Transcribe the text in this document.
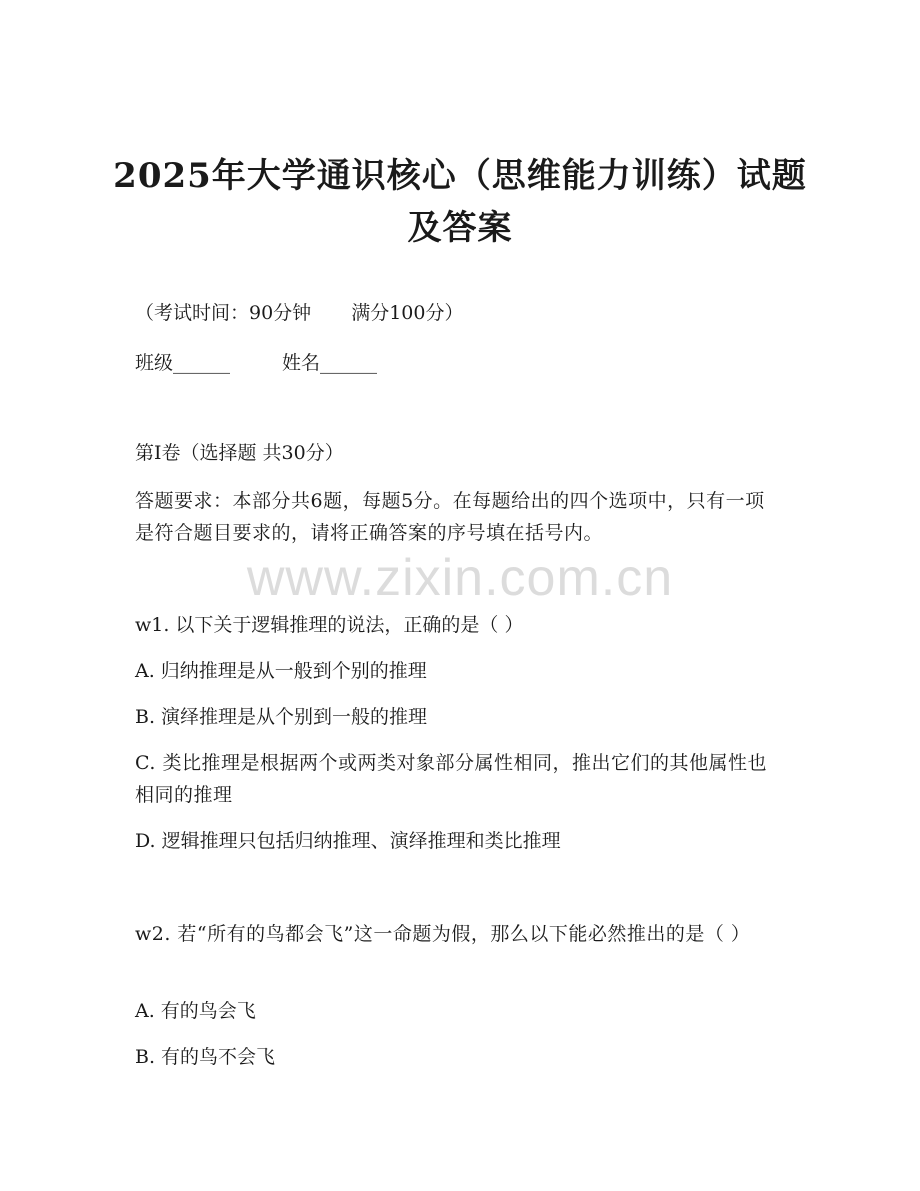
2025年大学通识核心（思维能力训练）试题
及答案
（考试时间：90分钟 满分100分）
班级______	姓名______
第I卷（选择题 共30分）
答题要求：本部分共6题，每题5分。在每题给出的四个选项中，只有一项是符合题目要求的，请将正确答案的序号填在括号内。
www.zixin.com.cn
w1. 以下关于逻辑推理的说法，正确的是（ ）
A. 归纳推理是从一般到个别的推理
B. 演绎推理是从个别到一般的推理
C. 类比推理是根据两个或两类对象部分属性相同，推出它们的其他属性也相同的推理
D. 逻辑推理只包括归纳推理、演绎推理和类比推理
w2. 若“所有的鸟都会飞”这一命题为假，那么以下能必然推出的是（ ）
A. 有的鸟会飞
B. 有的鸟不会飞
